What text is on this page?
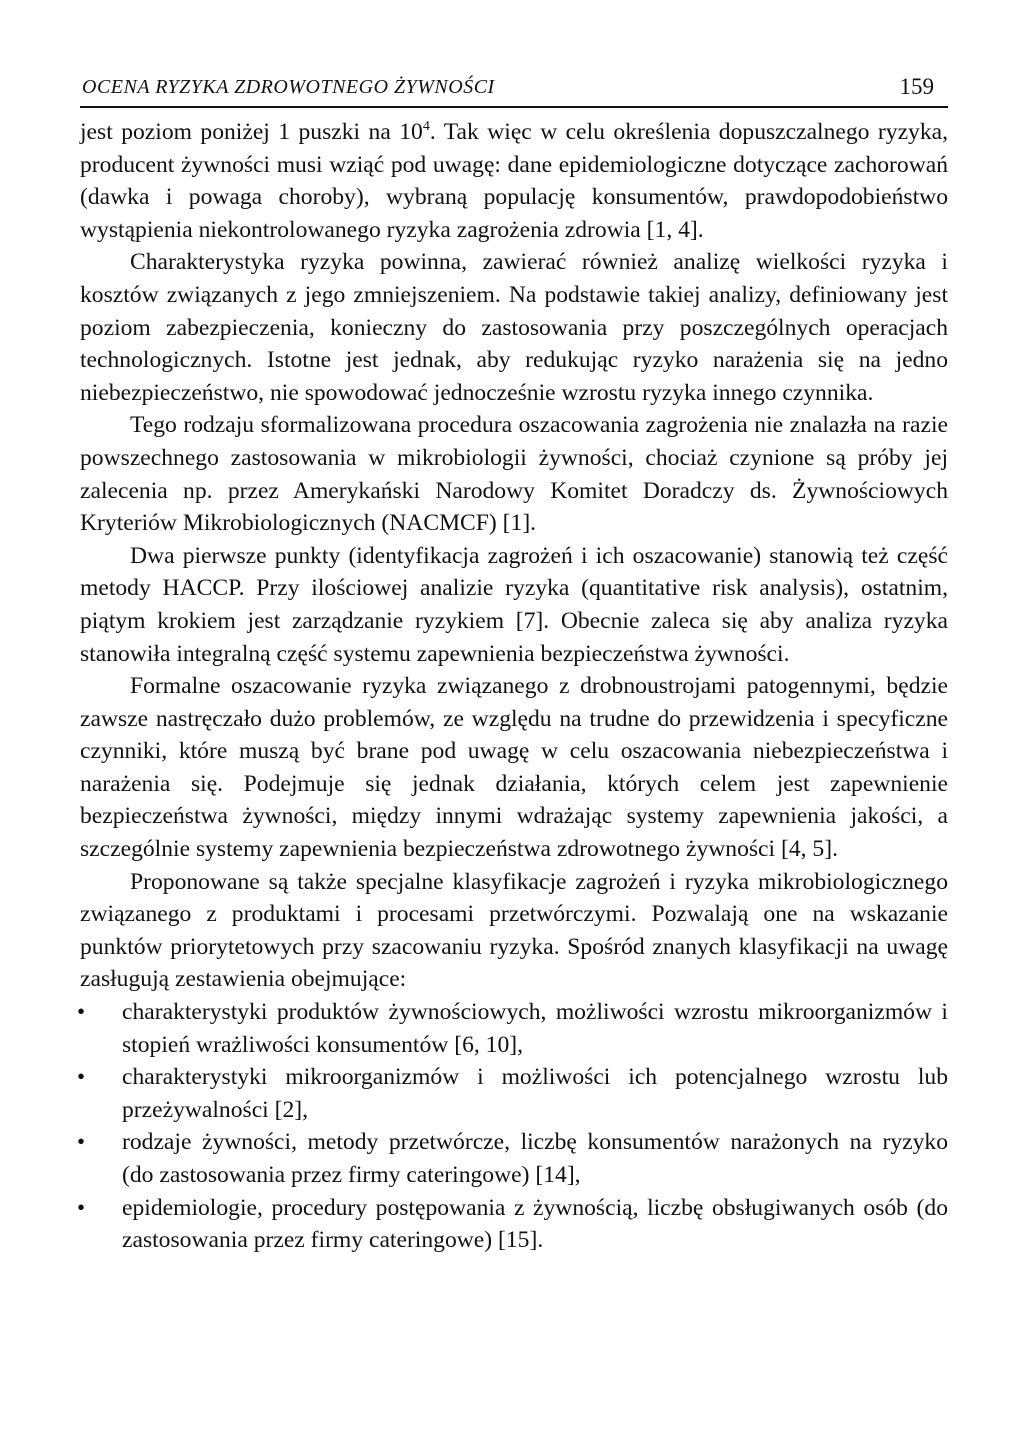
OCENA RYZYKA ZDROWOTNEGO ŻYWNOŚCI	159

jest poziom poniżej 1 puszki na $10^4$. Tak więc w celu określenia dopuszczalnego ryzyka, producent żywności musi wziąć pod uwagę: dane epidemiologiczne dotyczące zachorowań (dawka i powaga choroby), wybraną populację konsumentów, prawdopodobieństwo wystąpienia niekontrolowanego ryzyka zagrożenia zdrowia [1, 4].

Charakterystyka ryzyka powinna, zawierać również analizę wielkości ryzyka i kosztów związanych z jego zmniejszeniem. Na podstawie takiej analizy, definiowany jest poziom zabezpieczenia, konieczny do zastosowania przy poszczególnych operacjach technologicznych. Istotne jest jednak, aby redukując ryzyko narażenia się na jedno niebezpieczeństwo, nie spowodować jednocześnie wzrostu ryzyka innego czynnika.

Tego rodzaju sformalizowana procedura oszacowania zagrożenia nie znalazła na razie powszechnego zastosowania w mikrobiologii żywności, chociaż czynione są próby jej zalecenia np. przez Amerykański Narodowy Komitet Doradczy ds. Żywnościowych Kryteriów Mikrobiologicznych (NACMCF) [1].

Dwa pierwsze punkty (identyfikacja zagrożeń i ich oszacowanie) stanowią też część metody HACCP. Przy ilościowej analizie ryzyka (quantitative risk analysis), ostatnim, piątym krokiem jest zarządzanie ryzykiem [7]. Obecnie zaleca się aby analiza ryzyka stanowiła integralną część systemu zapewnienia bezpieczeństwa żywności.

Formalne oszacowanie ryzyka związanego z drobnoustrojami patogennymi, będzie zawsze nastręczało dużo problemów, ze względu na trudne do przewidzenia i specyficzne czynniki, które muszą być brane pod uwagę w celu oszacowania niebezpieczeństwa i narażenia się. Podejmuje się jednak działania, których celem jest zapewnienie bezpieczeństwa żywności, między innymi wdrażając systemy zapewnienia jakości, a szczególnie systemy zapewnienia bezpieczeństwa zdrowotnego żywności [4, 5].

Proponowane są także specjalne klasyfikacje zagrożeń i ryzyka mikrobiologicznego związanego z produktami i procesami przetwórczymi. Pozwalają one na wskazanie punktów priorytetowych przy szacowaniu ryzyka. Spośród znanych klasyfikacji na uwagę zasługują zestawienia obejmujące:

• charakterystyki produktów żywnościowych, możliwości wzrostu mikroorganizmów i stopień wrażliwości konsumentów [6, 10],
• charakterystyki mikroorganizmów i możliwości ich potencjalnego wzrostu lub przeżywalności [2],
• rodzaje żywności, metody przetwórcze, liczbę konsumentów narażonych na ryzyko (do zastosowania przez firmy cateringowe) [14],
• epidemiologie, procedury postępowania z żywnością, liczbę obsługiwanych osób (do zastosowania przez firmy cateringowe) [15].
